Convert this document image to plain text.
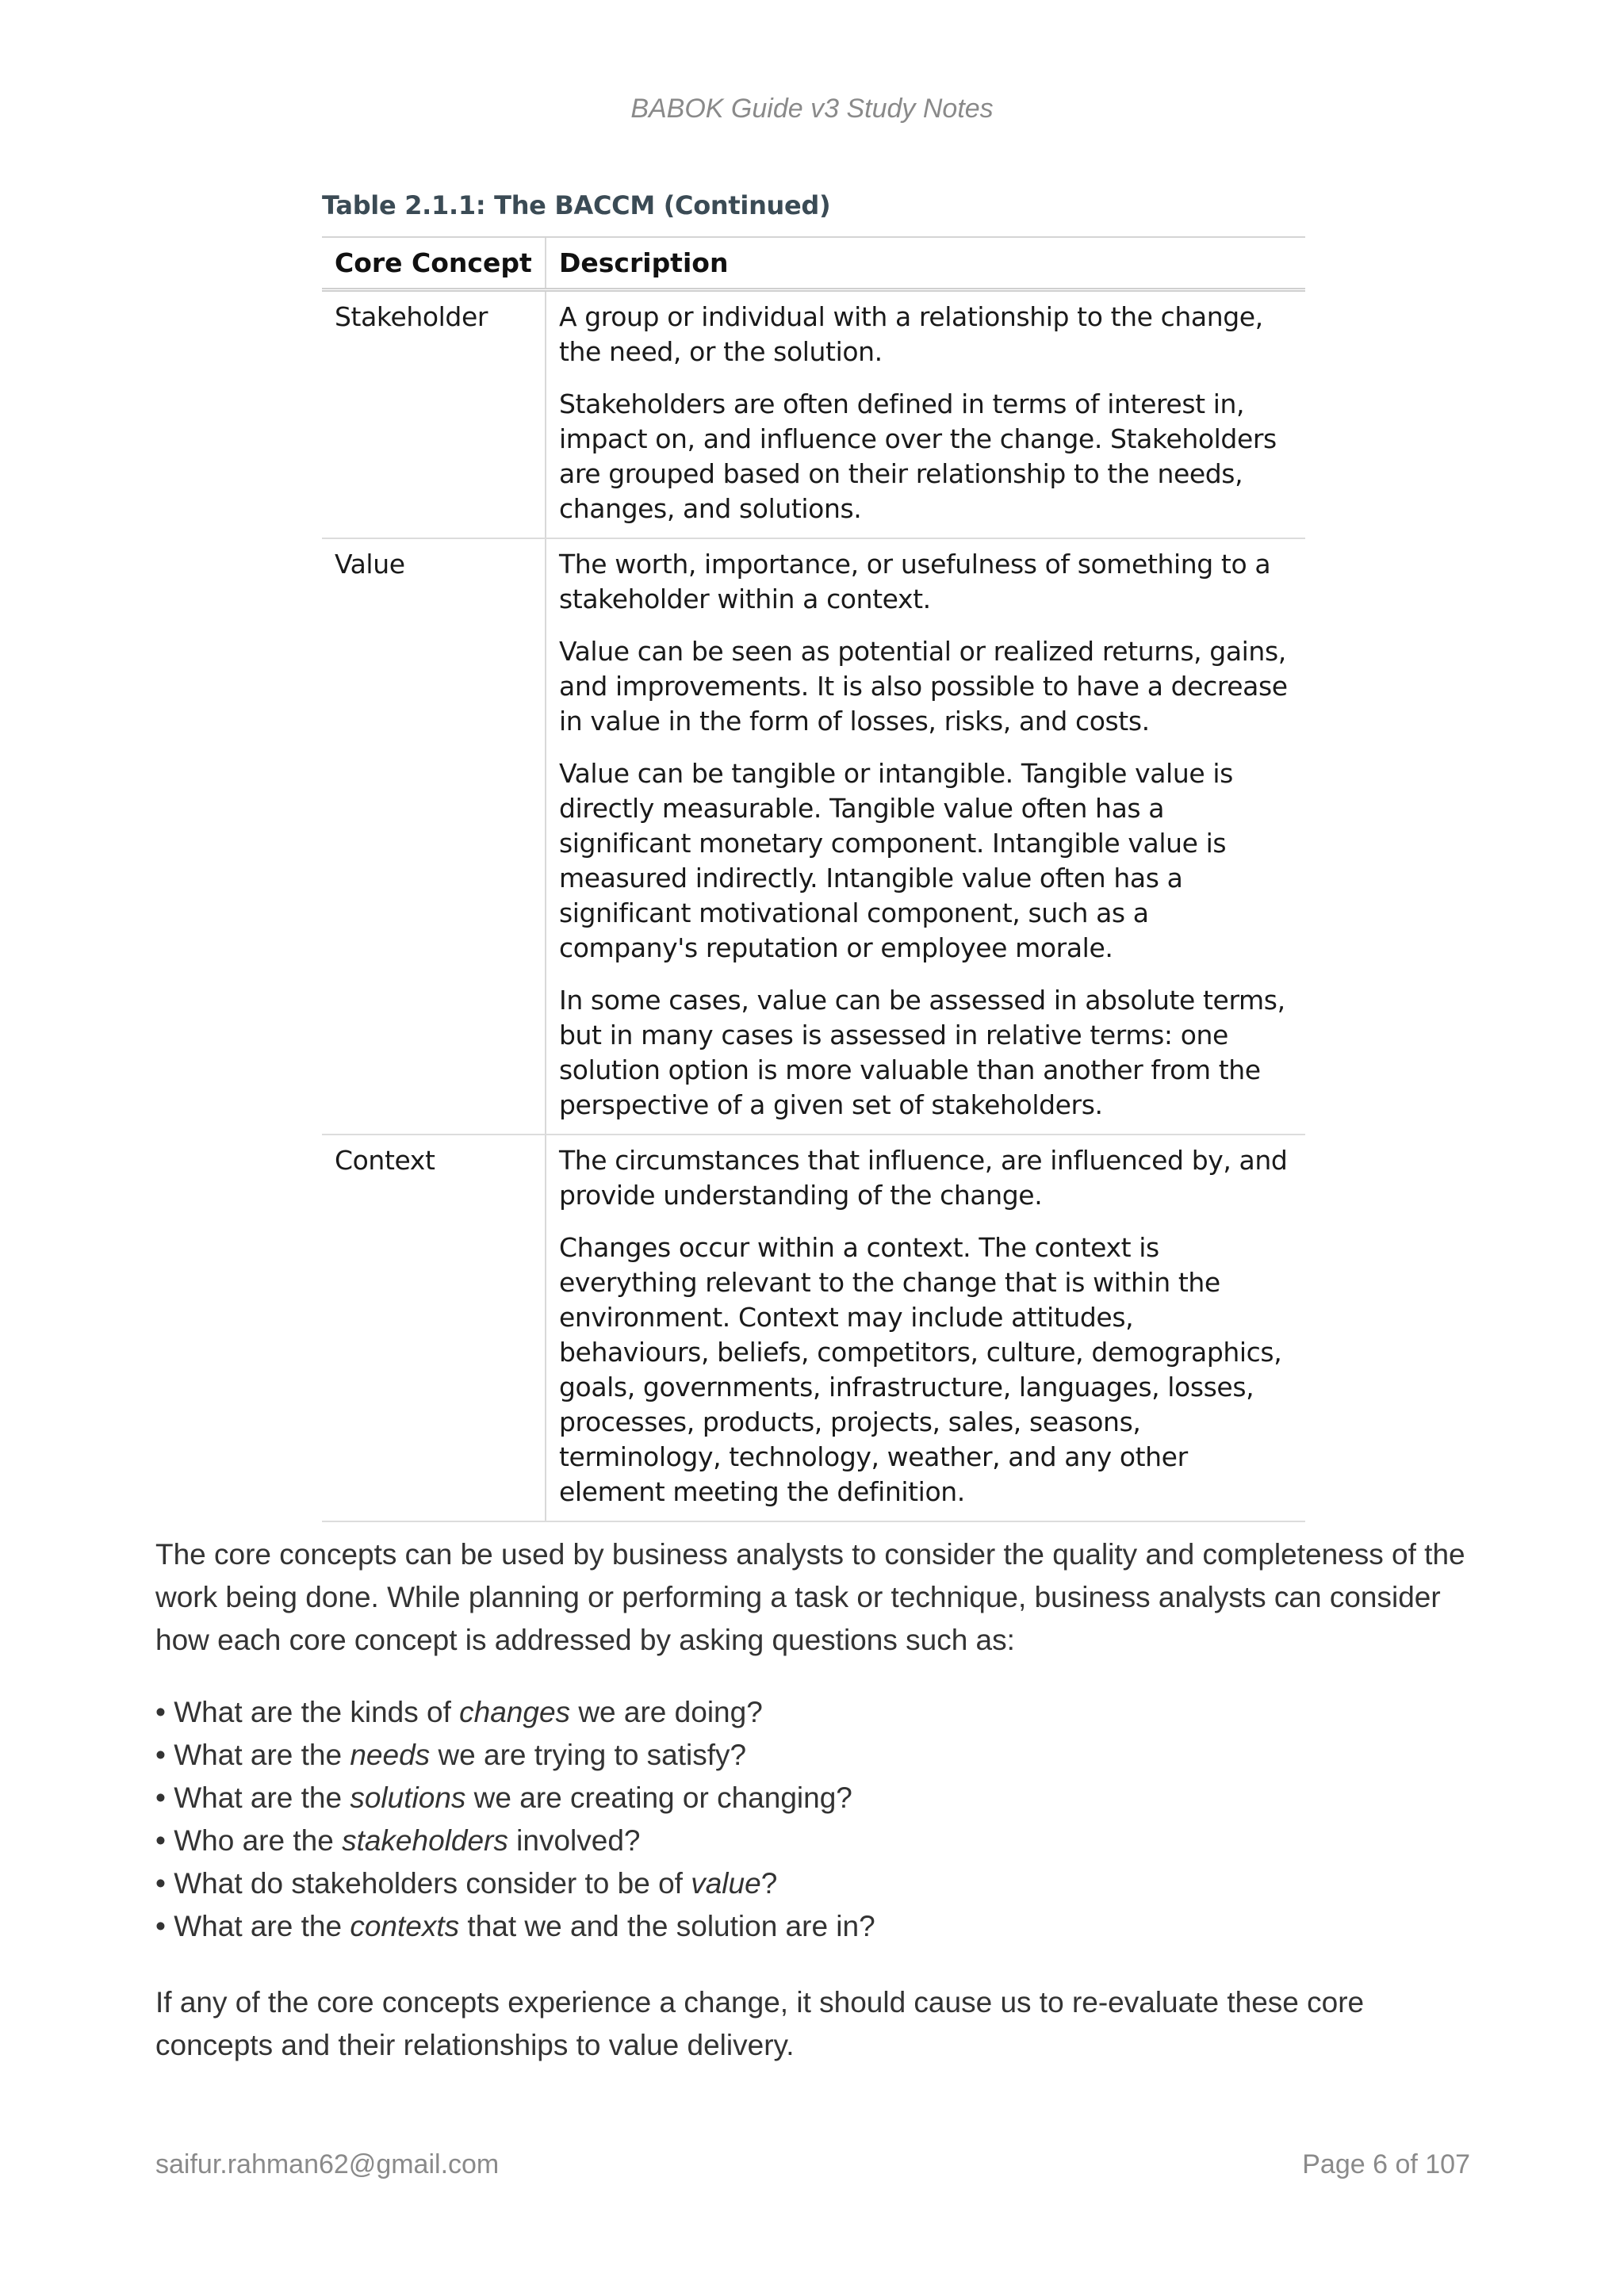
BABOK Guide v3 Study Notes
Table 2.1.1: The BACCM (Continued)
Core Concept	Description
Stakeholder	A group or individual with a relationship to the change, the need, or the solution.

Stakeholders are often defined in terms of interest in, impact on, and influence over the change. Stakeholders are grouped based on their relationship to the needs, changes, and solutions.

Value	The worth, importance, or usefulness of something to a stakeholder within a context.

Value can be seen as potential or realized returns, gains, and improvements. It is also possible to have a decrease in value in the form of losses, risks, and costs.

Value can be tangible or intangible. Tangible value is directly measurable. Tangible value often has a significant monetary component. Intangible value is measured indirectly. Intangible value often has a significant motivational component, such as a company's reputation or employee morale.

In some cases, value can be assessed in absolute terms, but in many cases is assessed in relative terms: one solution option is more valuable than another from the perspective of a given set of stakeholders.

Context	The circumstances that influence, are influenced by, and provide understanding of the change.

Changes occur within a context. The context is everything relevant to the change that is within the environment. Context may include attitudes, behaviours, beliefs, competitors, culture, demographics, goals, governments, infrastructure, languages, losses, processes, products, projects, sales, seasons, terminology, technology, weather, and any other element meeting the definition.

The core concepts can be used by business analysts to consider the quality and completeness of the work being done. While planning or performing a task or technique, business analysts can consider how each core concept is addressed by asking questions such as:

• What are the kinds of changes we are doing?
• What are the needs we are trying to satisfy?
• What are the solutions we are creating or changing?
• Who are the stakeholders involved?
• What do stakeholders consider to be of value?
• What are the contexts that we and the solution are in?

If any of the core concepts experience a change, it should cause us to re-evaluate these core concepts and their relationships to value delivery.

saifur.rahman62@gmail.com	Page 6 of 107
